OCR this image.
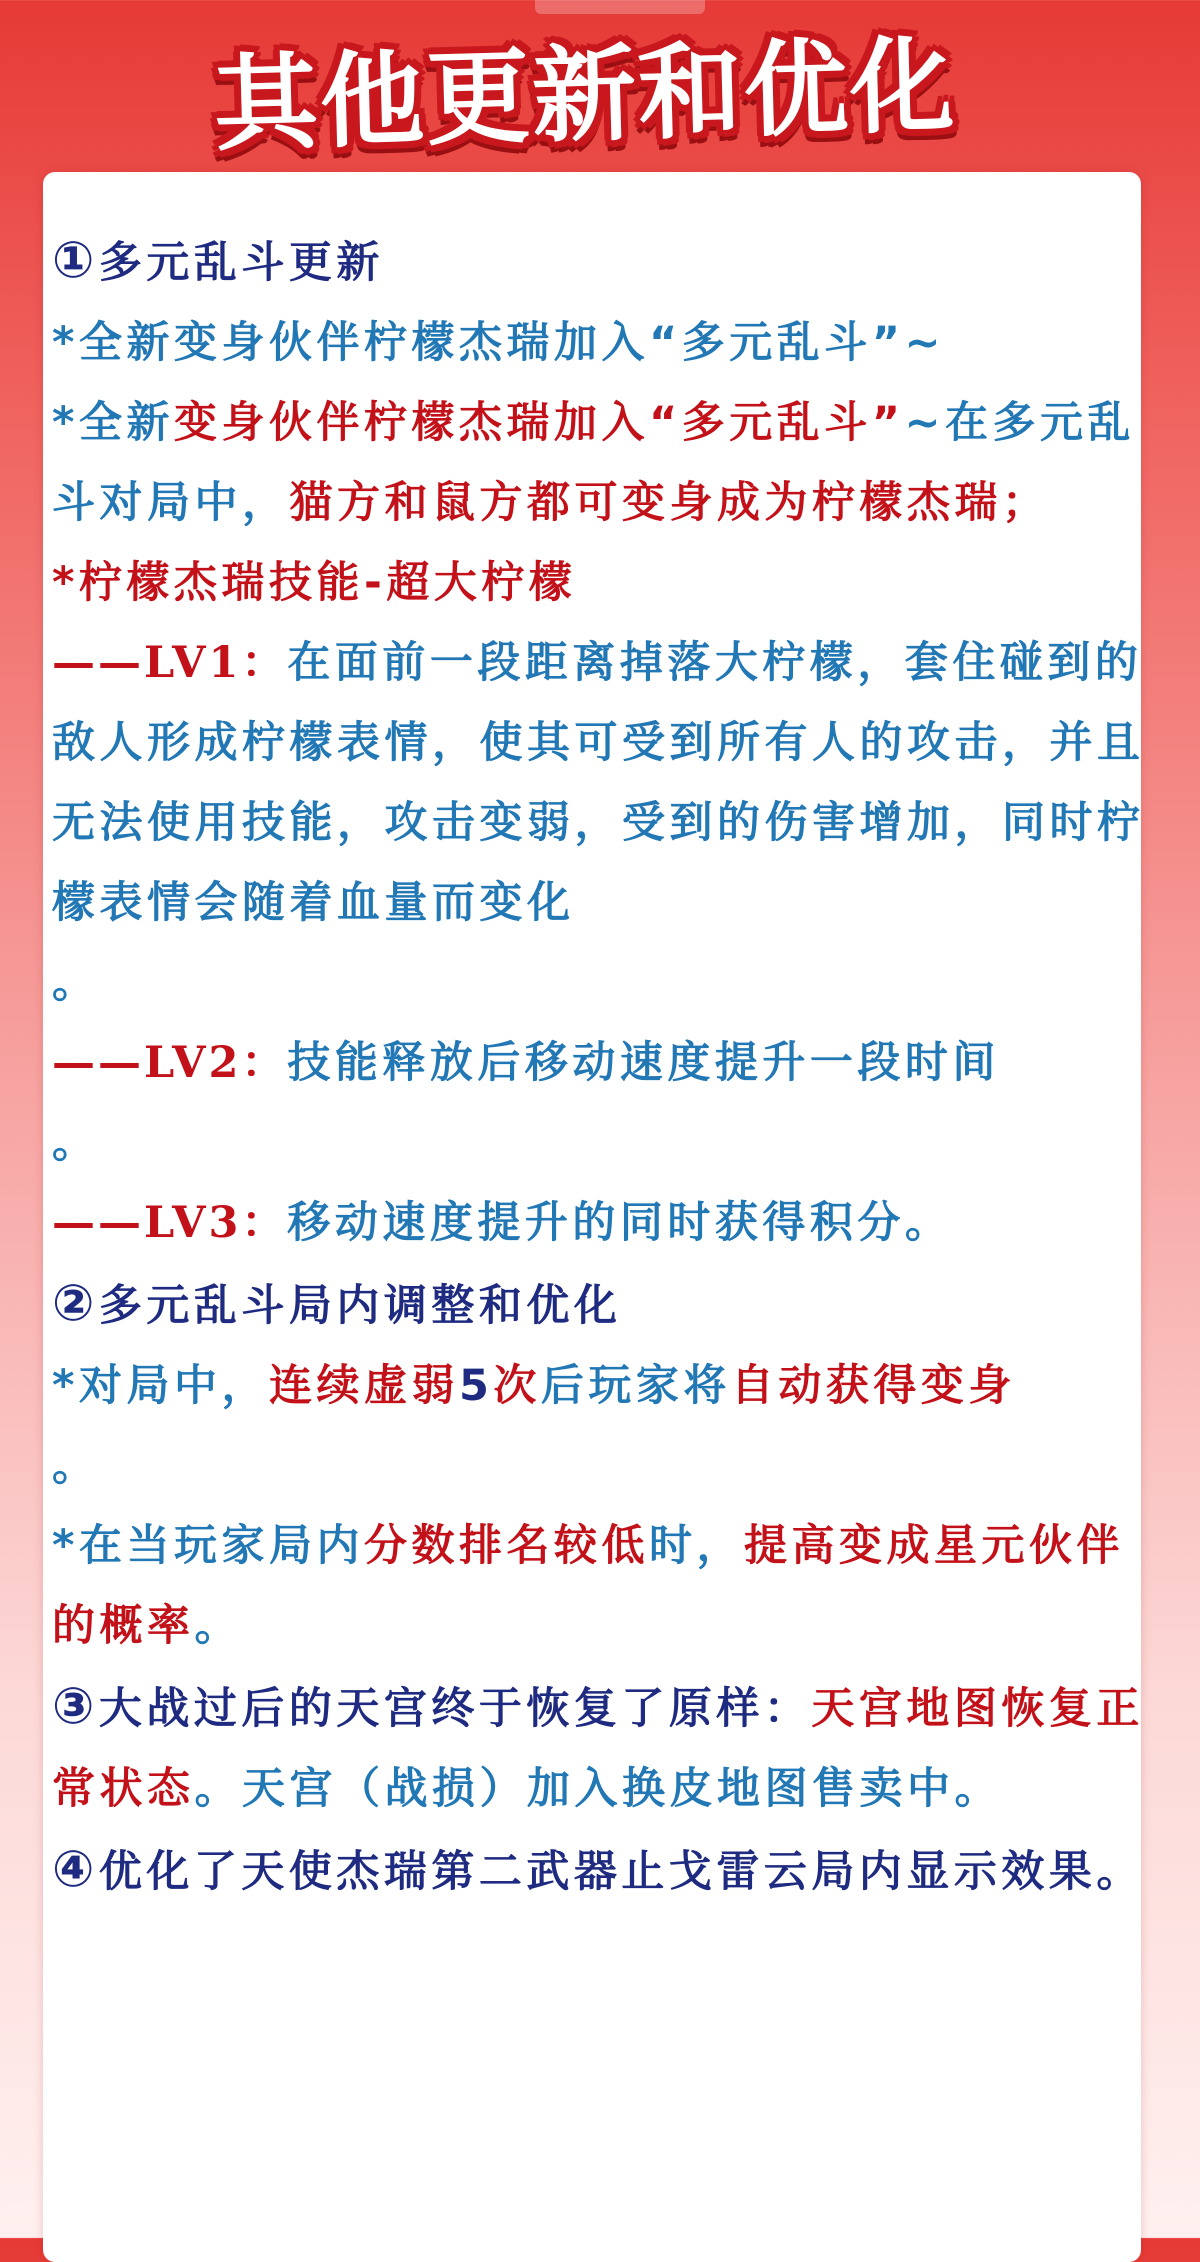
其他更新和优化

①多元乱斗更新

*全新变身伙伴柠檬杰瑞加入“多元乱斗”~

*全新变身伙伴柠檬杰瑞加入“多元乱斗”~在多元乱斗对局中，猫方和鼠方都可变身成为柠檬杰瑞；

*柠檬杰瑞技能-超大柠檬

——LV1：在面前一段距离掉落大柠檬，套住碰到的敌人形成柠檬表情，使其可受到所有人的攻击，并且无法使用技能，攻击变弱，受到的伤害增加，同时柠檬表情会随着血量而变化
。

——LV2：技能释放后移动速度提升一段时间
。

——LV3：移动速度提升的同时获得积分。

②多元乱斗局内调整和优化

*对局中，连续虚弱5次后玩家将自动获得变身
。

*在当玩家局内分数排名较低时，提高变成星元伙伴的概率。

③大战过后的天宫终于恢复了原样：天宫地图恢复正常状态。天宫（战损）加入换皮地图售卖中。

④优化了天使杰瑞第二武器止戈雷云局内显示效果。
